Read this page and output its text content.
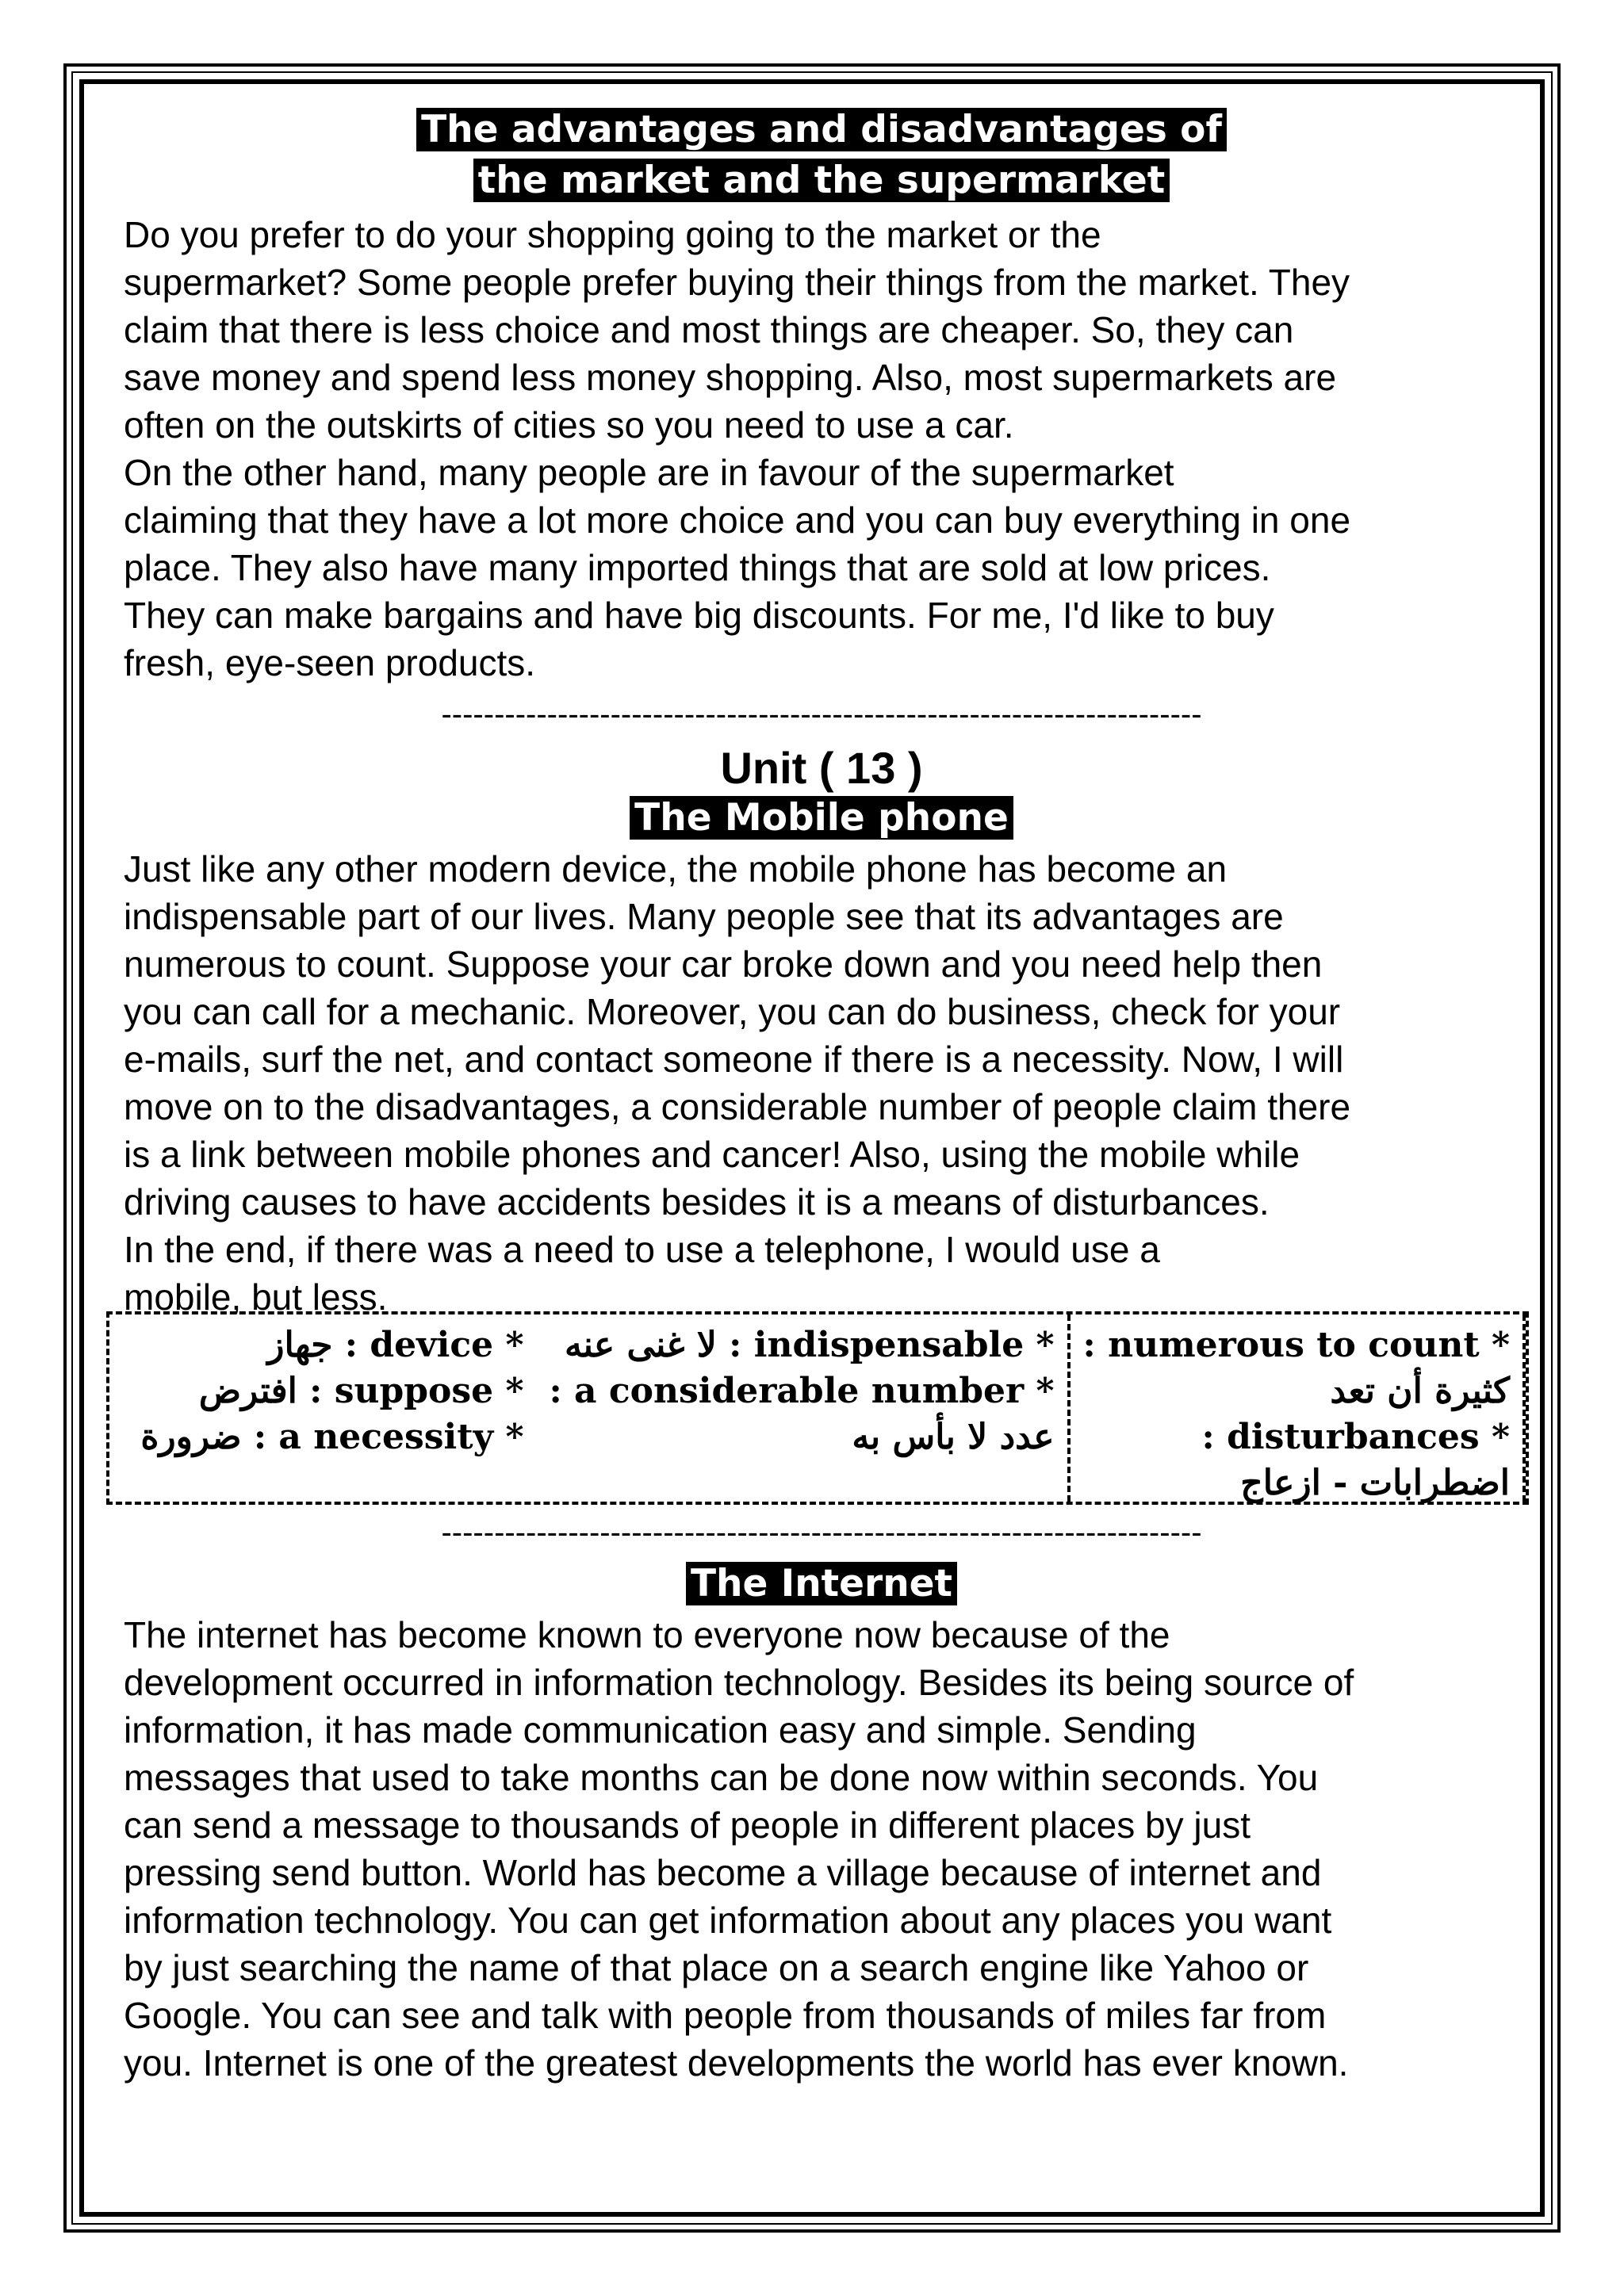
The advantages and disadvantages of
the market and the supermarket

Do you prefer to do your shopping going to the market or the
supermarket? Some people prefer buying their things from the market. They
claim that there is less choice and most things are cheaper. So, they can
save money and spend less money shopping. Also, most supermarkets are
often on the outskirts of cities so you need to use a car.
On the other hand, many people are in favour of the supermarket
claiming that they have a lot more choice and you can buy everything in one
place. They also have many imported things that are sold at low prices.
They can make bargains and have big discounts. For me, I'd like to buy
fresh, eye-seen products.

------------------------------------------------------------------------
Unit ( 13 )
The Mobile phone

Just like any other modern device, the mobile phone has become an
indispensable part of our lives. Many people see that its advantages are
numerous to count. Suppose your car broke down and you need help then
you can call for a mechanic. Moreover, you can do business, check for your
e-mails, surf the net, and contact someone if there is a necessity. Now, I will
move on to the disadvantages, a considerable number of people claim there
is a link between mobile phones and cancer! Also, using the mobile while
driving causes to have accidents besides it is a means of disturbances.
In the end, if there was a need to use a telephone, I would use a
mobile, but less.

* device : جهاز
* suppose : افترض
* a necessity : ضرورة
* indispensable : لا غنى عنه
* a considerable number :
عدد لا بأس به
* numerous to count :
كثيرة أن تعد
* disturbances :
اضطرابات - ازعاج
------------------------------------------------------------------------
The Internet

The internet has become known to everyone now because of the
development occurred in information technology. Besides its being source of
information, it has made communication easy and simple. Sending
messages that used to take months can be done now within seconds. You
can send a message to thousands of people in different places by just
pressing send button. World has become a village because of internet and
information technology. You can get information about any places you want
by just searching the name of that place on a search engine like Yahoo or
Google. You can see and talk with people from thousands of miles far from
you. Internet is one of the greatest developments the world has ever known.
